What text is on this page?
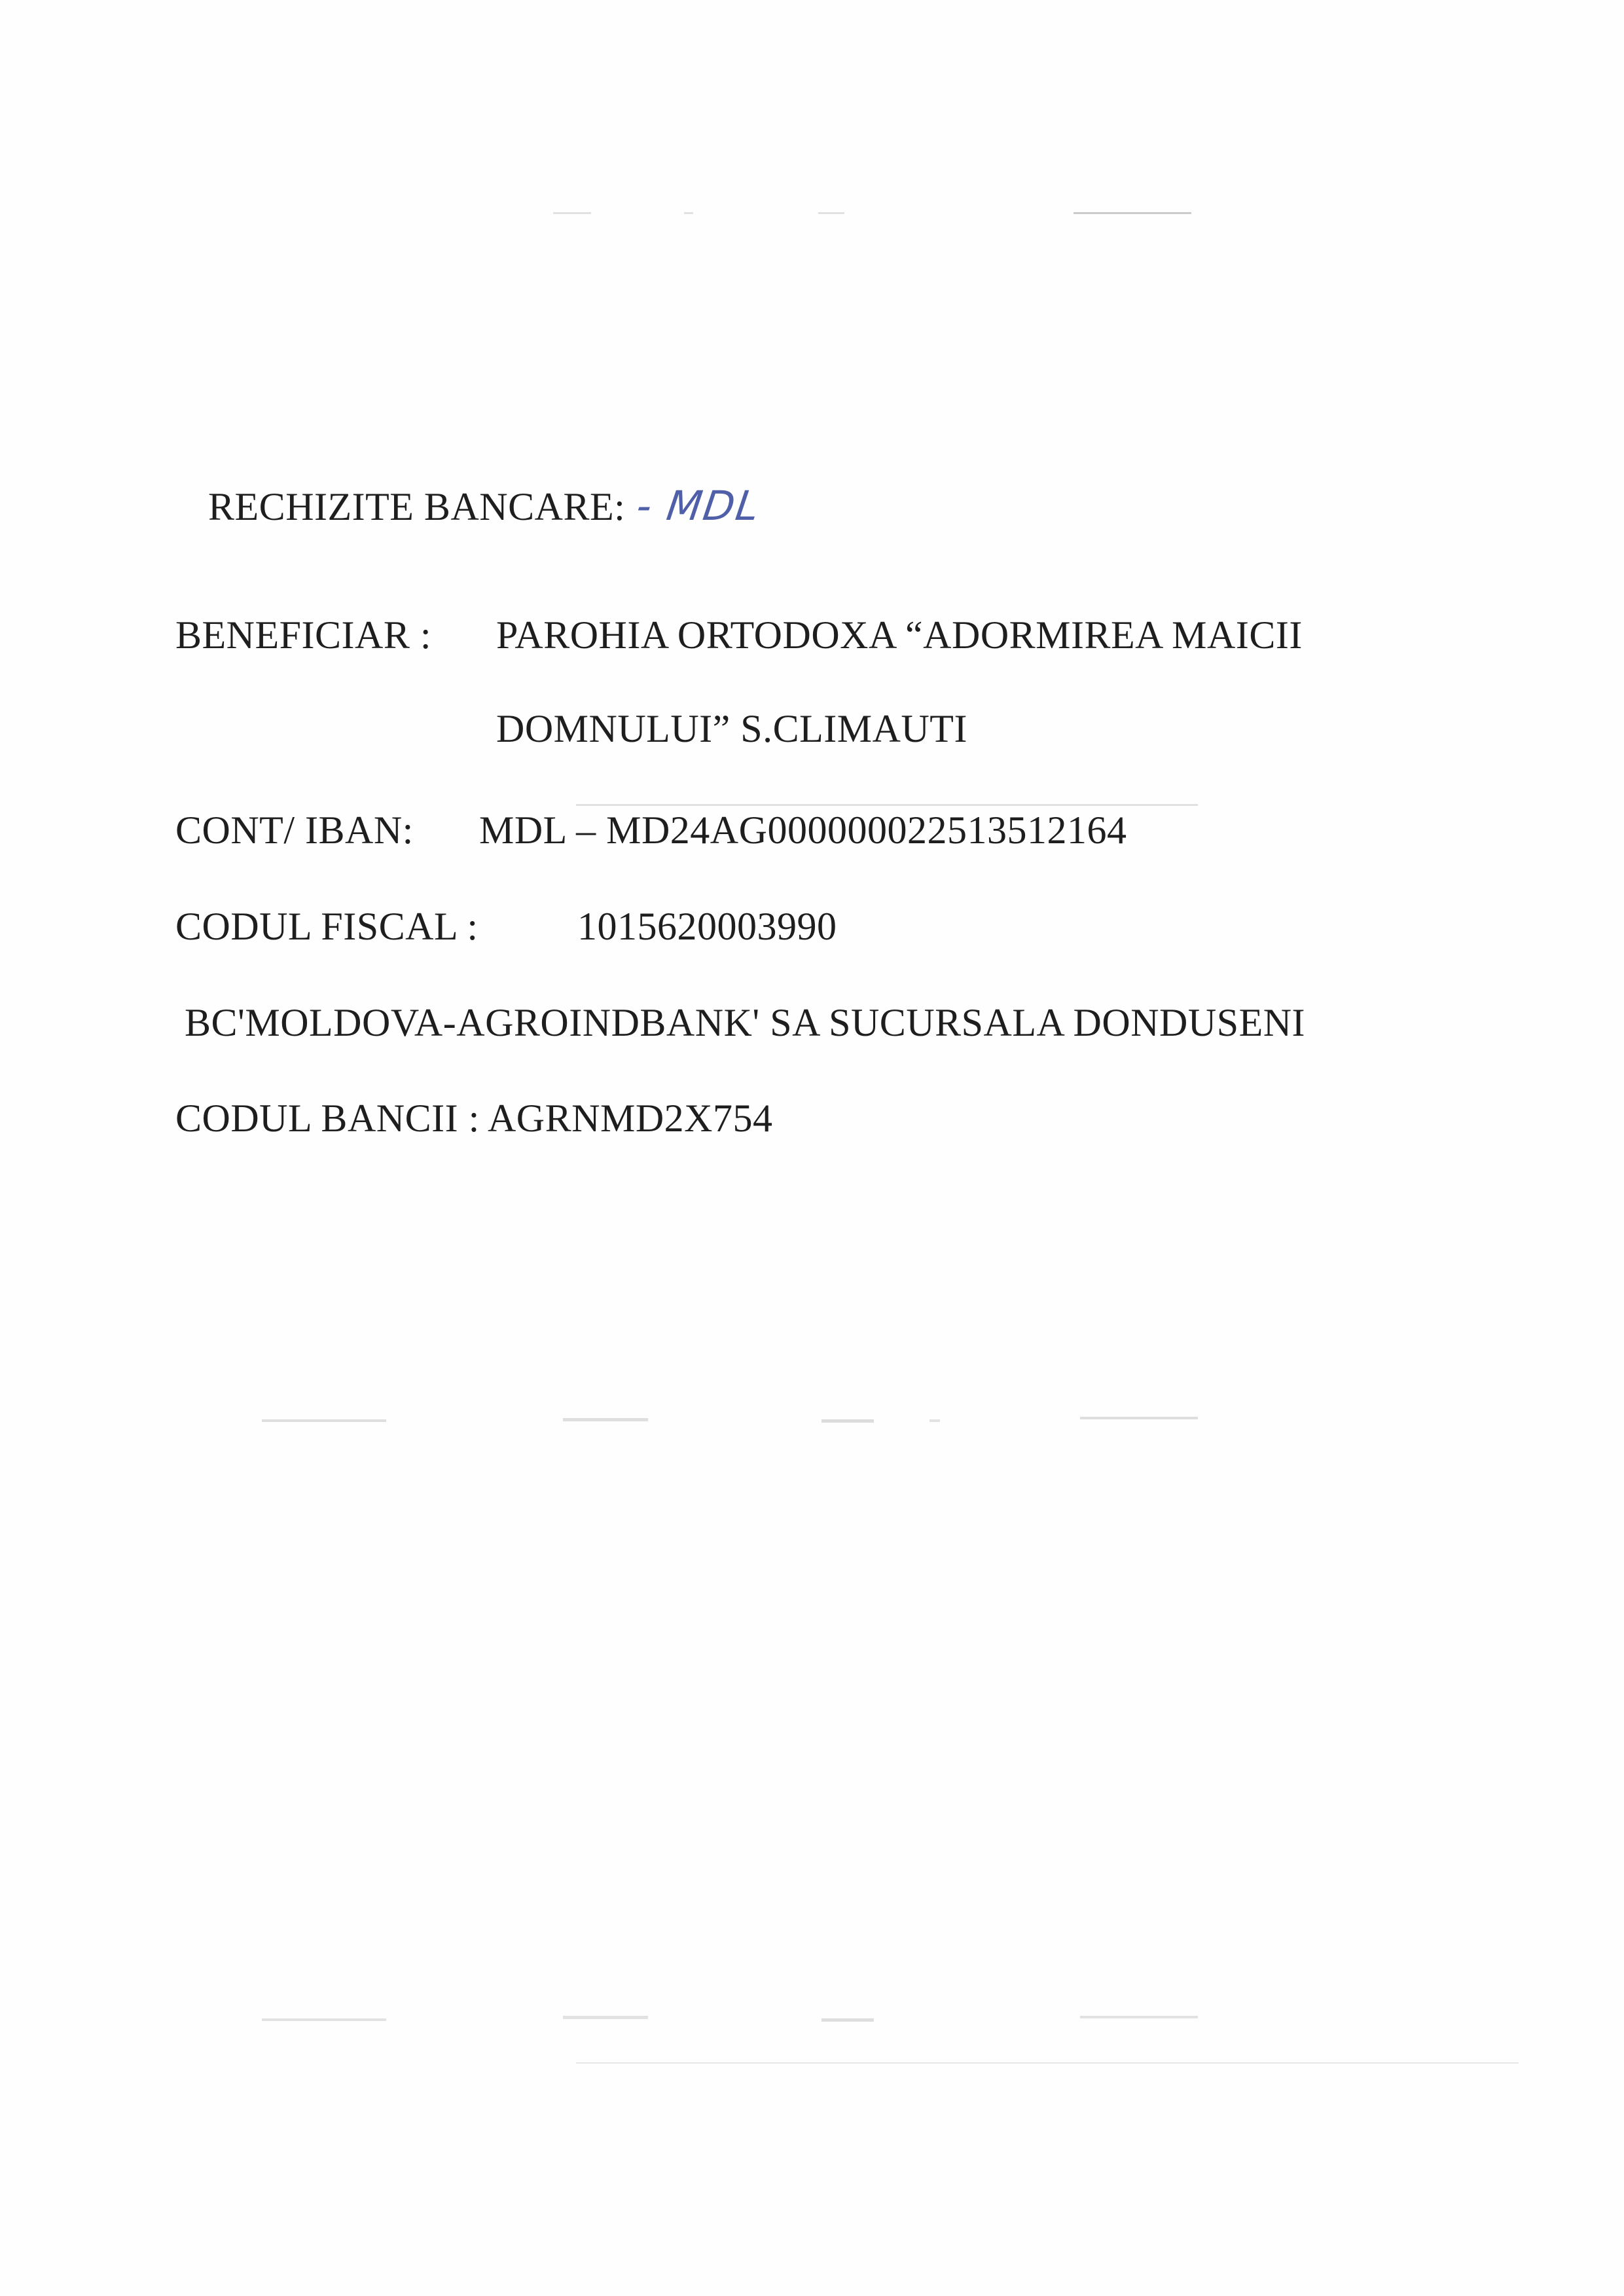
RECHIZITE BANCARE: - MDL
BENEFICIAR : PAROHIA ORTODOXA “ADORMIREA MAICII
DOMNULUI” S.CLIMAUTI
CONT/ IBAN: MDL – MD24AG000000022513512164
CODUL FISCAL :	1015620003990
BC'MOLDOVA-AGROINDBANK' SA SUCURSALA DONDUSENI
CODUL BANCII : AGRNMD2X754
